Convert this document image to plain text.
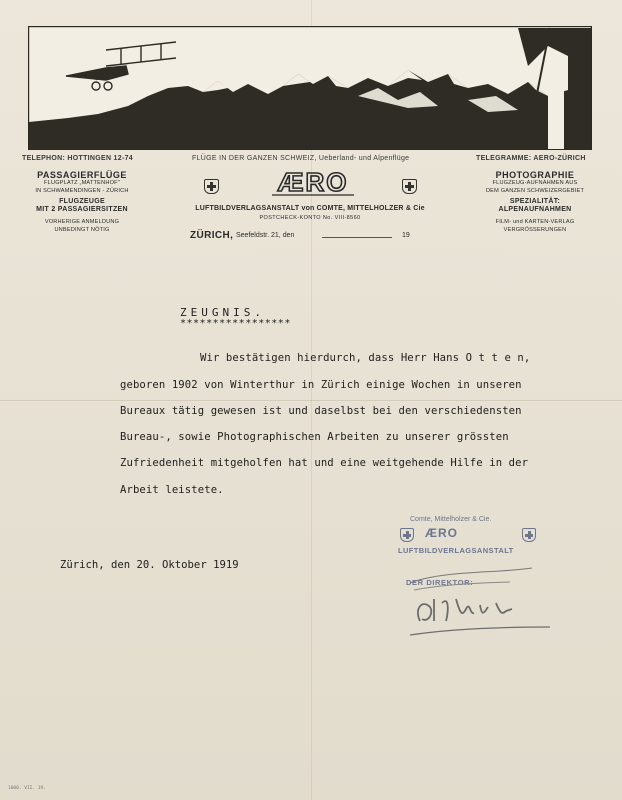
ES
TELEPHON: HOTTINGEN 12-74	FLÜGE IN DER GANZEN SCHWEIZ, Ueberland- und Alpenflüge	TELEGRAMME: AERO-ZÜRICH
PASSAGIERFLÜGE
FLUGPLATZ „MATTENHOF"
IN SCHWAMENDINGEN - ZÜRICH
FLUGZEUGE
MIT 2 PASSAGIERSITZEN
VORHERIGE ANMELDUNG
UNBEDINGT NÖTIG
PHOTOGRAPHIE
FLUGZEUG-AUFNAHMEN AUS
DEM GANZEN SCHWEIZERGEBIET
SPEZIALITÄT:
ALPENAUFNAHMEN
FILM- und KARTEN-VERLAG
VERGRÖSSERUNGEN
ÆRO
LUFTBILDVERLAGSANSTALT von COMTE, MITTELHOLZER & Cie
POSTCHECK-KONTO No. VIII-8560
ZÜRICH, Seefeldstr. 21, den	19
ZEUGNIS.
*****************
Wir bestätigen hierdurch, dass Herr Hans O t t e n,
geboren 1902 von Winterthur in Zürich einige Wochen in unseren
Bureaux tätig gewesen ist und daselbst bei den verschiedensten
Bureau-, sowie Photographischen Arbeiten zu unserer grössten
Zufriedenheit mitgeholfen hat und eine weitgehende Hilfe in der
Arbeit leistete.
Zürich, den 20. Oktober 1919
Comte, Mittelholzer & Cie.
ÆRO
LUFTBILDVERLAGSANSTALT
DER DIREKTOR:
1000. VII. 19.
